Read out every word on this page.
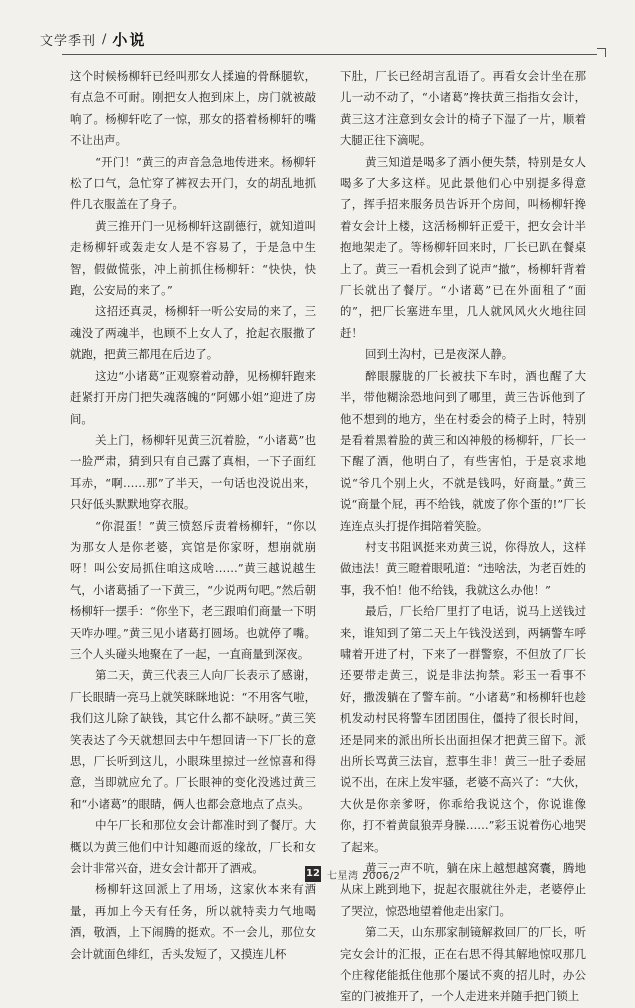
文学季刊 / 小说

这个时候杨柳轩已经叫那女人揉遍的骨酥腿软，有点急不可耐。刚把女人抱到床上，房门就被敲响了。杨柳轩吃了一惊，那女的搭着杨柳轩的嘴不让出声。

“开门！”黄三的声音急急地传进来。杨柳轩松了口气，急忙穿了裤衩去开门，女的胡乱地抓件几衣服盖在了身子。

黄三推开门一见杨柳轩这副德行，就知道叫走杨柳轩或轰走女人是不容易了，于是急中生智，假做慌张，冲上前抓住杨柳轩：“快快，快跑，公安局的来了。”

这招还真灵，杨柳轩一听公安局的来了，三魂没了两魂半，也顾不上女人了，抢起衣服撒了就跑，把黄三都甩在后边了。

这边“小诸葛”正观察着动静，见杨柳轩跑来赶紧打开房门把失魂落魄的“阿娜小姐”迎进了房间。

关上门，杨柳轩见黄三沉着脸，“小诸葛”也一脸严肃，猜到只有自己露了真相，一下子面红耳赤，“啊……那”了半天，一句话也没说出来，只好低头默默地穿衣服。

“你混蛋！”黄三愤怒斥责着杨柳轩，“你以为那女人是你老婆，宾馆是你家呀，想崩就崩呀！叫公安局抓住咱这成啥……”黄三越说越生气，小诸葛插了一下黄三，“少说两句吧。”然后朝杨柳轩一摆手：“你坐下，老三跟咱们商量一下明天咋办哩。”黄三见小诸葛打圆场。也就停了嘴。三个人头碰头地聚在了一起，一直商量到深夜。

第二天，黄三代表三人向厂长表示了感谢，厂长眼睛一亮马上就笑眯眯地说：“不用客气啦，我们这儿除了缺钱，其它什么都不缺呀。”黄三笑笑表达了今天就想回去中午想回请一下厂长的意思，厂长听到这儿，小眼珠里掠过一丝惊喜和得意，当即就应允了。厂长眼神的变化没逃过黄三和“小诸葛”的眼睛，俩人也都会意地点了点头。

中午厂长和那位女会计都准时到了餐厅。大概以为黄三他们中计知趣而返的缘故，厂长和女会计非常兴奋，进女会计都开了酒戒。

杨柳轩这回派上了用场，这家伙本来有酒量，再加上今天有任务，所以就特卖力气地喝酒，敬酒，上下闹腾的挺欢。不一会儿，那位女会计就面色绯红，舌头发短了，又摸连儿杯

下肚，厂长已经胡言乱语了。再看女会计坐在那儿一动不动了，“小诸葛”搀扶黄三指指女会计，黄三这才注意到女会计的椅子下湿了一片，顺着大腿正往下滴呢。

黄三知道是喝多了酒小便失禁，特别是女人喝多了大多这样。见此景他们心中别提多得意了，挥手招来服务员告诉开个房间，叫杨柳轩搀着女会计上楼，这活杨柳轩正爱干，把女会计半抱地架走了。等杨柳轩回来时，厂长已趴在餐桌上了。黄三一看机会到了说声“撤”，杨柳轩背着厂长就出了餐厅。“小诸葛”已在外面租了“面的”，把厂长塞进车里，几人就风风火火地往回赶！

回到土沟村，已是夜深人静。

醉眼朦胧的厂长被扶下车时，酒也醒了大半，带他糊涂恐地问到了哪里，黄三告诉他到了他不想到的地方，坐在村委会的椅子上时，特别是看着黑着脸的黄三和凶神般的杨柳轩，厂长一下醒了酒，他明白了，有些害怕，于是哀求地说“爷几个别上火，不就是钱吗，好商量。”黄三说“商量个屁，再不给钱，就废了你个蛋的!”厂长连连点头打提作揖陪着笑脸。

村支书阻讽挺来劝黄三说，你得放人，这样做违法！黄三瞪着眼吼道：“违啥法，为老百姓的事，我不怕！他不给钱，我就这么办他！”

最后，厂长给厂里打了电话，说马上送钱过来，谁知到了第二天上午钱没送到，两辆警车呼啸着开进了村，下来了一群警察，不但放了厂长还要带走黄三，说是非法拘禁。彩玉一看事不好，撒泼躺在了警车前。“小诸葛”和杨柳轩也趁机发动村民将警车团团围住，僵持了很长时间，还是同来的派出所长出面担保才把黄三留下。派出所长骂黄三法盲，惹事生非！黄三一肚子委屈说不出，在床上发牢骚，老婆不高兴了：“大伙，大伙是你亲爹呀，你乖给我说这个，你说谁像你，打不着黄鼠狼弄身臊……”彩玉说着伤心地哭了起来。

黄三一声不吭，躺在床上越想越窝囊，腾地从床上跳到地下，捉起衣服就往外走，老婆停止了哭泣，惊恐地望着他走出家门。

第二天，山东那家制镜解救回厂的厂长，听完女会计的汇报，正在右思不得其解地惊叹那几个庄稼佬能抵住他那个屡试不爽的招儿时，办公室的门被推开了，一个人走进来并随手把门锁上

12 七星湾 2006/2
